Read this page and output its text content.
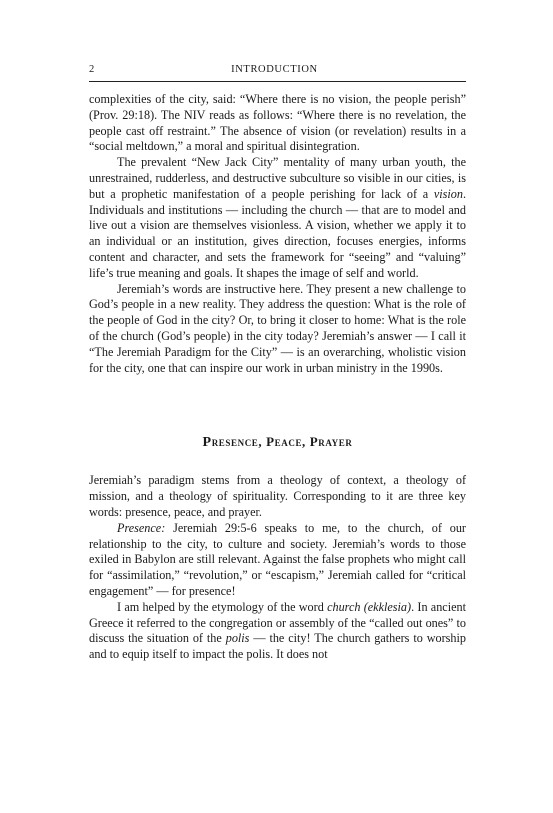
2	INTRODUCTION

complexities of the city, said: “Where there is no vision, the people perish” (Prov. 29:18). The NIV reads as follows: “Where there is no revelation, the people cast off restraint.” The absence of vision (or revelation) results in a “social meltdown,” a moral and spiritual disintegration.

The prevalent “New Jack City” mentality of many urban youth, the unrestrained, rudderless, and destructive subculture so visible in our cities, is but a prophetic manifestation of a people perishing for lack of a vision. Individuals and institutions — including the church — that are to model and live out a vision are themselves visionless. A vision, whether we apply it to an individual or an institution, gives direction, focuses energies, informs content and character, and sets the framework for “seeing” and “valuing” life’s true meaning and goals. It shapes the image of self and world.

Jeremiah’s words are instructive here. They present a new challenge to God’s people in a new reality. They address the question: What is the role of the people of God in the city? Or, to bring it closer to home: What is the role of the church (God’s people) in the city today? Jeremiah’s answer — I call it “The Jeremiah Paradigm for the City” — is an overarching, wholistic vision for the city, one that can inspire our work in urban ministry in the 1990s.

Presence, Peace, Prayer

Jeremiah’s paradigm stems from a theology of context, a theology of mission, and a theology of spirituality. Corresponding to it are three key words: presence, peace, and prayer.

Presence: Jeremiah 29:5-6 speaks to me, to the church, of our relationship to the city, to culture and society. Jeremiah’s words to those exiled in Babylon are still relevant. Against the false prophets who might call for “assimilation,” “revolution,” or “escapism,” Jeremiah called for “critical engagement” — for presence!

I am helped by the etymology of the word church (ekklesia). In ancient Greece it referred to the congregation or assembly of the “called out ones” to discuss the situation of the polis — the city! The church gathers to worship and to equip itself to impact the polis. It does not
